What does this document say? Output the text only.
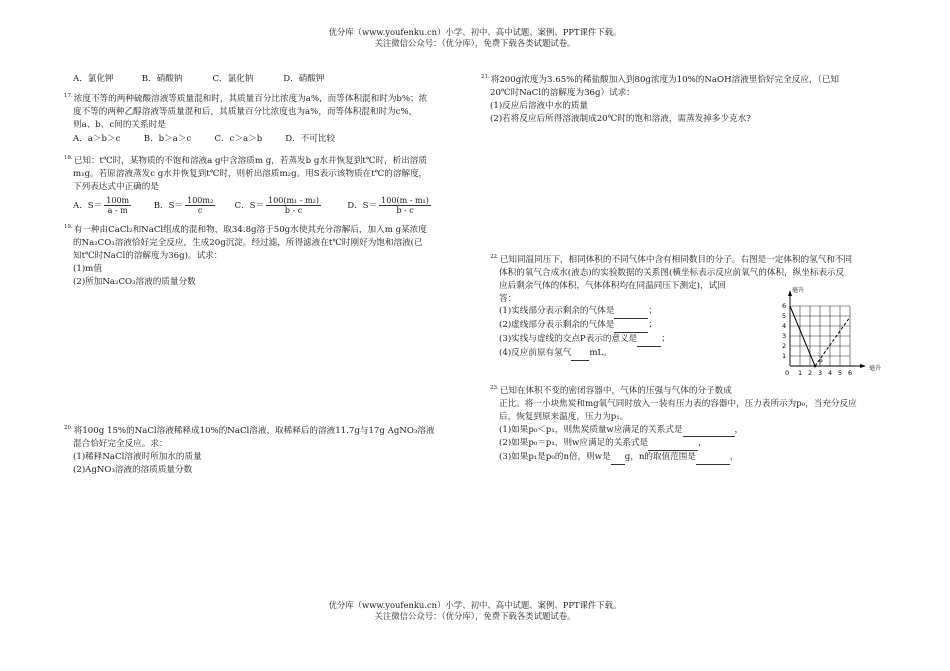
优分库（www.youfenku.cn）小学、初中、高中试题、案例、PPT课件下载。
关注微信公众号：（优分库），免费下载各类试题试卷。
A．氯化钾	B．硝酸钠	C．氯化钠	D．硝酸钾
$^{17.}$浓度不等的两种硫酸溶液等质量混和时，其质量百分比浓度为a%，而等体积混和时为b%；浓
度不等的两种乙醇溶液等质量混和后，其质量百分比浓度也为a%，而等体积混和时为c%，
则a、b、c间的关系时是
A．a＞b＞c	B．b＞a＞c	C．c＞a＞b	D．不可比较
$^{18.}$已知：t℃时，某物质的不饱和溶液a g中含溶质m g，若蒸发b g水并恢复到t℃时，析出溶质
m₁g。若原溶液蒸发c g水并恢复到t℃时，则析出溶质m₂g。用S表示该物质在t℃的溶解度，
下列表达式中正确的是
A．$S= \frac{100m}{a - m}$	B．$S= \frac{\text{100m₂}}{c}$ C．$S= \frac{\text{100(m₁ - m₂)}}{b - c}$	D．$S= \frac{\text{100(m - m₁)}}{b - c}$
$^{19.}$有一种由CaCl₂和NaCl组成的混和物，取34.8g溶于50g水使其充分溶解后，加入m g某浓度
的Na₂CO₃溶液恰好完全反应，生成20g沉淀。经过滤，所得滤液在t℃时刚好为饱和溶液(已
知t℃时NaCl的溶解度为36g)。试求：
(1)m值
(2)所加Na₂CO₃溶液的质量分数
$^{20.}$将100g 15%的NaCl溶液稀释成10%的NaCl溶液，取稀释后的溶液11.7g与17g AgNO₃溶液
混合恰好完全反应。求：
(1)稀释NaCl溶液时所加水的质量
(2)AgNO₃溶液的溶质质量分数
$^{21.}$将200g浓度为3.65%的稀盐酸加入到80g浓度为10%的NaOH溶液里恰好完全反应，（已知
20℃时NaCl的溶解度为36g）试求：
(1)反应后溶液中水的质量
(2)若将反应后所得溶液制成20℃时的饱和溶液，需蒸发掉多少克水?
$^{22.}$已知同温同压下，相同体积的不同气体中含有相同数目的分子。右图是一定体积的氢气和不同
体积的氧气合成水(液态)的实验数据的关系图(横坐标表示反应前氧气的体积，纵坐标表示反
应后剩余气体的体积，气体体积均在同温同压下测定)，试回
答：
(1)实线部分表示剩余的气体是	；
(2)虚线部分表示剩余的气体是	；
(3)实线与虚线的交点P表示的意义是	；
(4)反应前原有氢气 mL。
P
毫升
毫升
0 1 2 3 4 5 6
1
2
3
4
5
6
$^{23.}$已知在体积不变的密闭容器中，气体的压强与气体的分子数成
正比。将一小块焦炭和mg氧气同时放入一装有压力表的容器中，压力表所示为p₀，当充分反应
后，恢复到原来温度，压力为p₁。
(1)如果p₀＜p₁，则焦炭质量w应满足的关系式是	，
(2)如果p₀＝p₁，则w应满足的关系式是	，
(3)如果p₁是p₀的n倍，则w是 g，n的取值范围是	，
优分库（www.youfenku.cn）小学、初中、高中试题、案例、PPT课件下载。
关注微信公众号：（优分库），免费下载各类试题试卷。
